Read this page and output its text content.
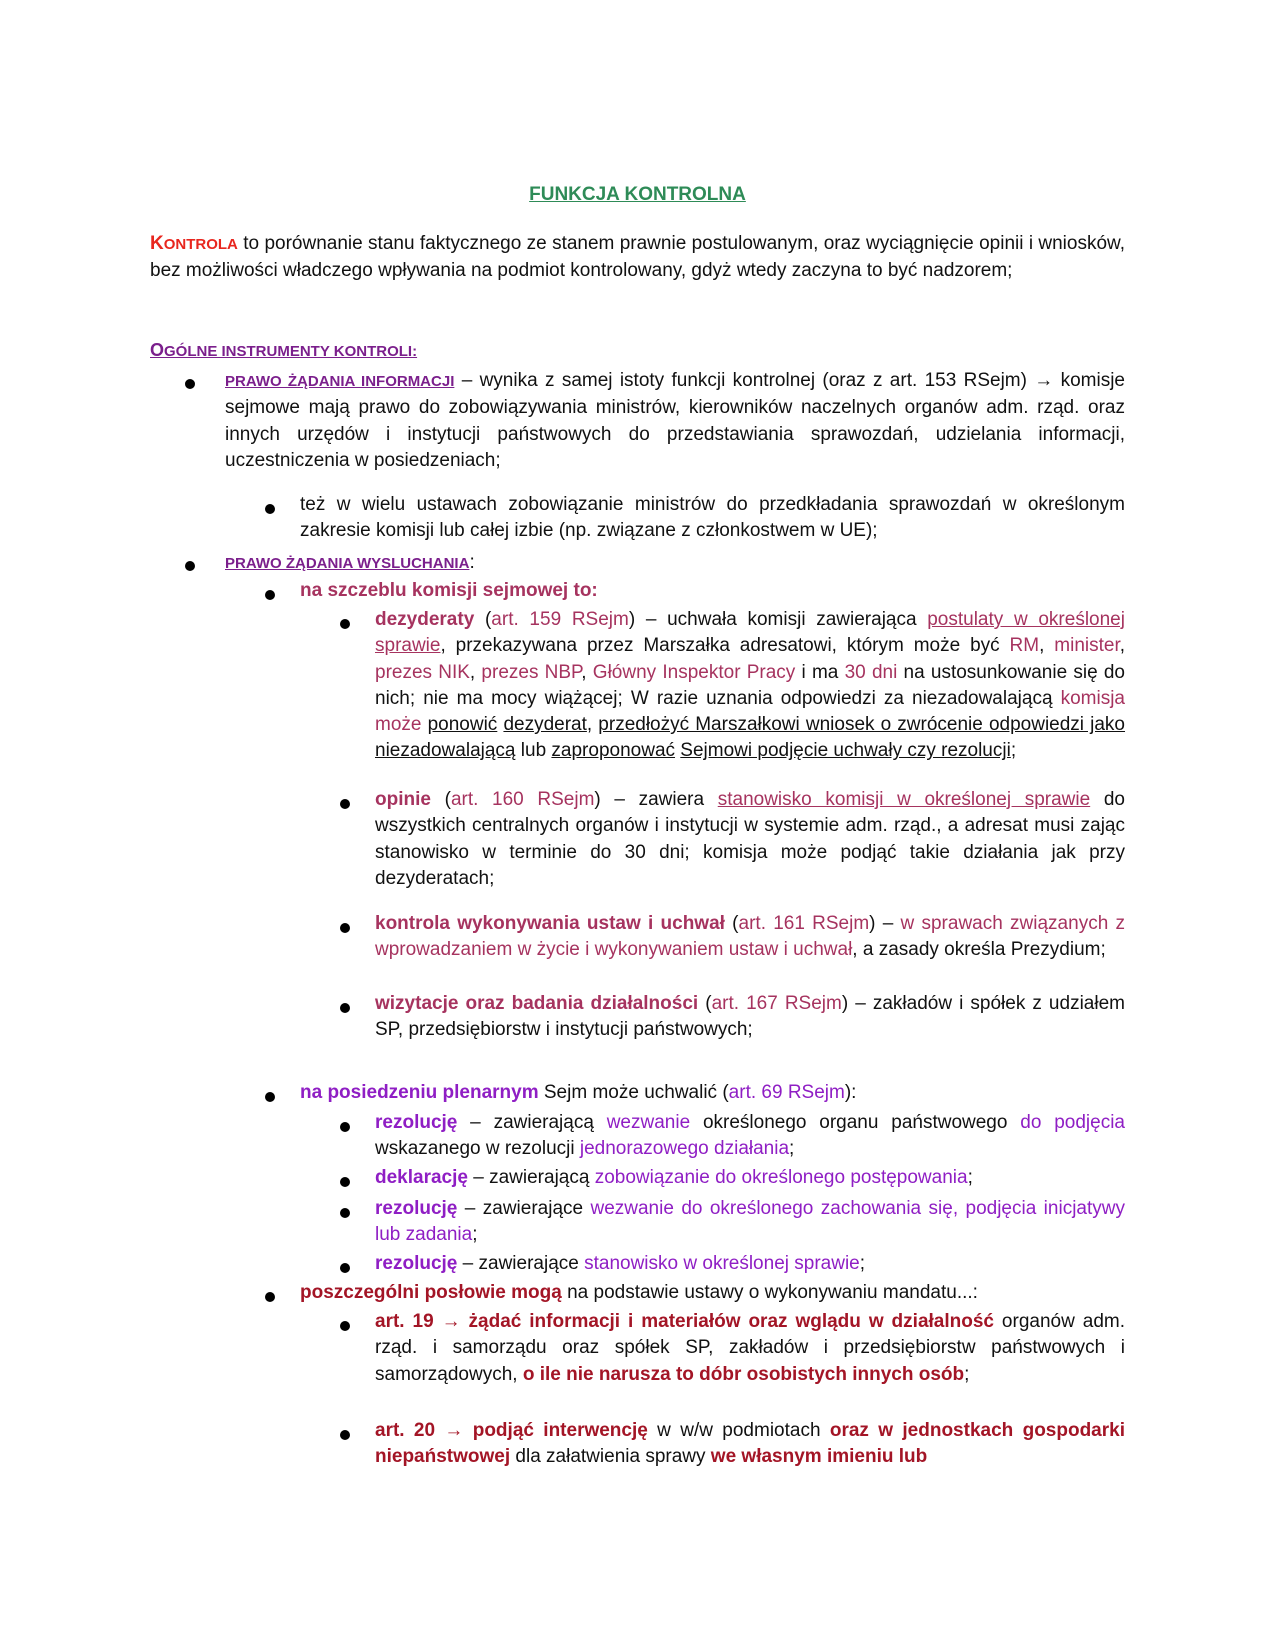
FUNKCJA KONTROLNA

KONTROLA to porównanie stanu faktycznego ze stanem prawnie postulowanym, oraz wyciągnięcie opinii i wniosków, bez możliwości władczego wpływania na podmiot kontrolowany, gdyż wtedy zaczyna to być nadzorem;

OGÓLNE INSTRUMENTY KONTROLI:

PRAWO ŻĄDANIA INFORMACJI – wynika z samej istoty funkcji kontrolnej (oraz z art. 153 RSejm) → komisje sejmowe mają prawo do zobowiązywania ministrów, kierowników naczelnych organów adm. rząd. oraz innych urzędów i instytucji państwowych do przedstawiania sprawozdań, udzielania informacji, uczestniczenia w posiedzeniach;

też w wielu ustawach zobowiązanie ministrów do przedkładania sprawozdań w określonym zakresie komisji lub całej izbie (np. związane z członkostwem w UE);

PRAWO ŻĄDANIA WYSLUCHANIA:

na szczeblu komisji sejmowej to:

dezyderaty (art. 159 RSejm) – uchwała komisji zawierająca postulaty w określonej sprawie, przekazywana przez Marszałka adresatowi, którym może być RM, minister, prezes NIK, prezes NBP, Główny Inspektor Pracy i ma 30 dni na ustosunkowanie się do nich; nie ma mocy wiążącej; W razie uznania odpowiedzi za niezadowalającą komisja może ponowić dezyderat, przedłożyć Marszałkowi wniosek o zwrócenie odpowiedzi jako niezadowalającą lub zaproponować Sejmowi podjęcie uchwały czy rezolucji;

opinie (art. 160 RSejm) – zawiera stanowisko komisji w określonej sprawie do wszystkich centralnych organów i instytucji w systemie adm. rząd., a adresat musi zając stanowisko w terminie do 30 dni; komisja może podjąć takie działania jak przy dezyderatach;

kontrola wykonywania ustaw i uchwał (art. 161 RSejm) – w sprawach związanych z wprowadzaniem w życie i wykonywaniem ustaw i uchwał, a zasady określa Prezydium;

wizytacje oraz badania działalności (art. 167 RSejm) – zakładów i spółek z udziałem SP, przedsiębiorstw i instytucji państwowych;

na posiedzeniu plenarnym Sejm może uchwalić (art. 69 RSejm):

rezolucję – zawierającą wezwanie określonego organu państwowego do podjęcia wskazanego w rezolucji jednorazowego działania;

deklarację – zawierającą zobowiązanie do określonego postępowania;

rezolucję – zawierające wezwanie do określonego zachowania się, podjęcia inicjatywy lub zadania;

rezolucję – zawierające stanowisko w określonej sprawie;

poszczególni posłowie mogą na podstawie ustawy o wykonywaniu mandatu...:

art. 19 → żądać informacji i materiałów oraz wglądu w działalność organów adm. rząd. i samorządu oraz spółek SP, zakładów i przedsiębiorstw państwowych i samorządowych, o ile nie narusza to dóbr osobistych innych osób;

art. 20 → podjąć interwencję w w/w podmiotach oraz w jednostkach gospodarki niepaństwowej dla załatwienia sprawy we własnym imieniu lub
